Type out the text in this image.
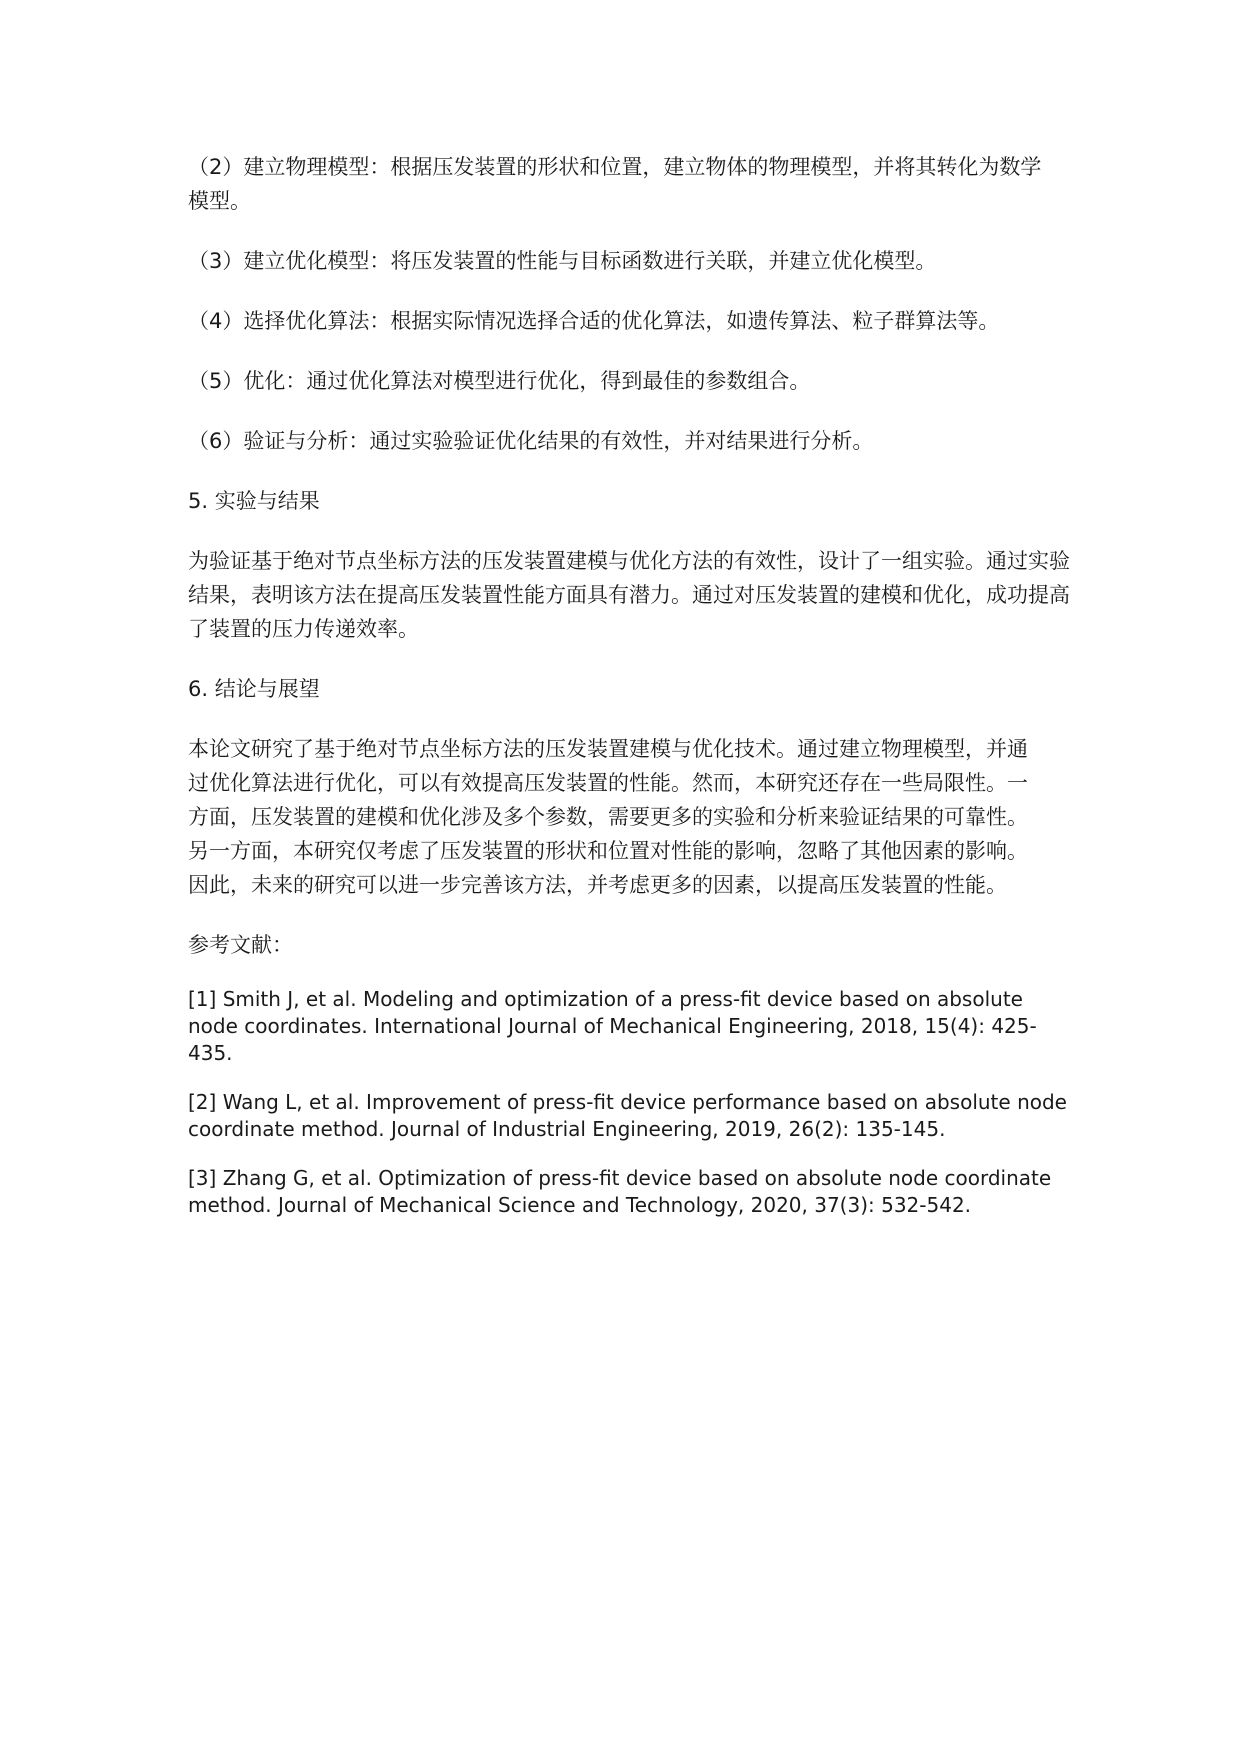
（2）建立物理模型：根据压发装置的形状和位置，建立物体的物理模型，并将其转化为数学模型。

（3）建立优化模型：将压发装置的性能与目标函数进行关联，并建立优化模型。

（4）选择优化算法：根据实际情况选择合适的优化算法，如遗传算法、粒子群算法等。

（5）优化：通过优化算法对模型进行优化，得到最佳的参数组合。

（6）验证与分析：通过实验验证优化结果的有效性，并对结果进行分析。

5. 实验与结果

为验证基于绝对节点坐标方法的压发装置建模与优化方法的有效性，设计了一组实验。通过实验结果，表明该方法在提高压发装置性能方面具有潜力。通过对压发装置的建模和优化，成功提高了装置的压力传递效率。

6. 结论与展望

本论文研究了基于绝对节点坐标方法的压发装置建模与优化技术。通过建立物理模型，并通过优化算法进行优化，可以有效提高压发装置的性能。然而，本研究还存在一些局限性。一方面，压发装置的建模和优化涉及多个参数，需要更多的实验和分析来验证结果的可靠性。另一方面，本研究仅考虑了压发装置的形状和位置对性能的影响，忽略了其他因素的影响。因此，未来的研究可以进一步完善该方法，并考虑更多的因素，以提高压发装置的性能。

参考文献：

[1] Smith J, et al. Modeling and optimization of a press-fit device based on absolute node coordinates. International Journal of Mechanical Engineering, 2018, 15(4): 425-435.

[2] Wang L, et al. Improvement of press-fit device performance based on absolute node coordinate method. Journal of Industrial Engineering, 2019, 26(2): 135-145.

[3] Zhang G, et al. Optimization of press-fit device based on absolute node coordinate method. Journal of Mechanical Science and Technology, 2020, 37(3): 532-542.
